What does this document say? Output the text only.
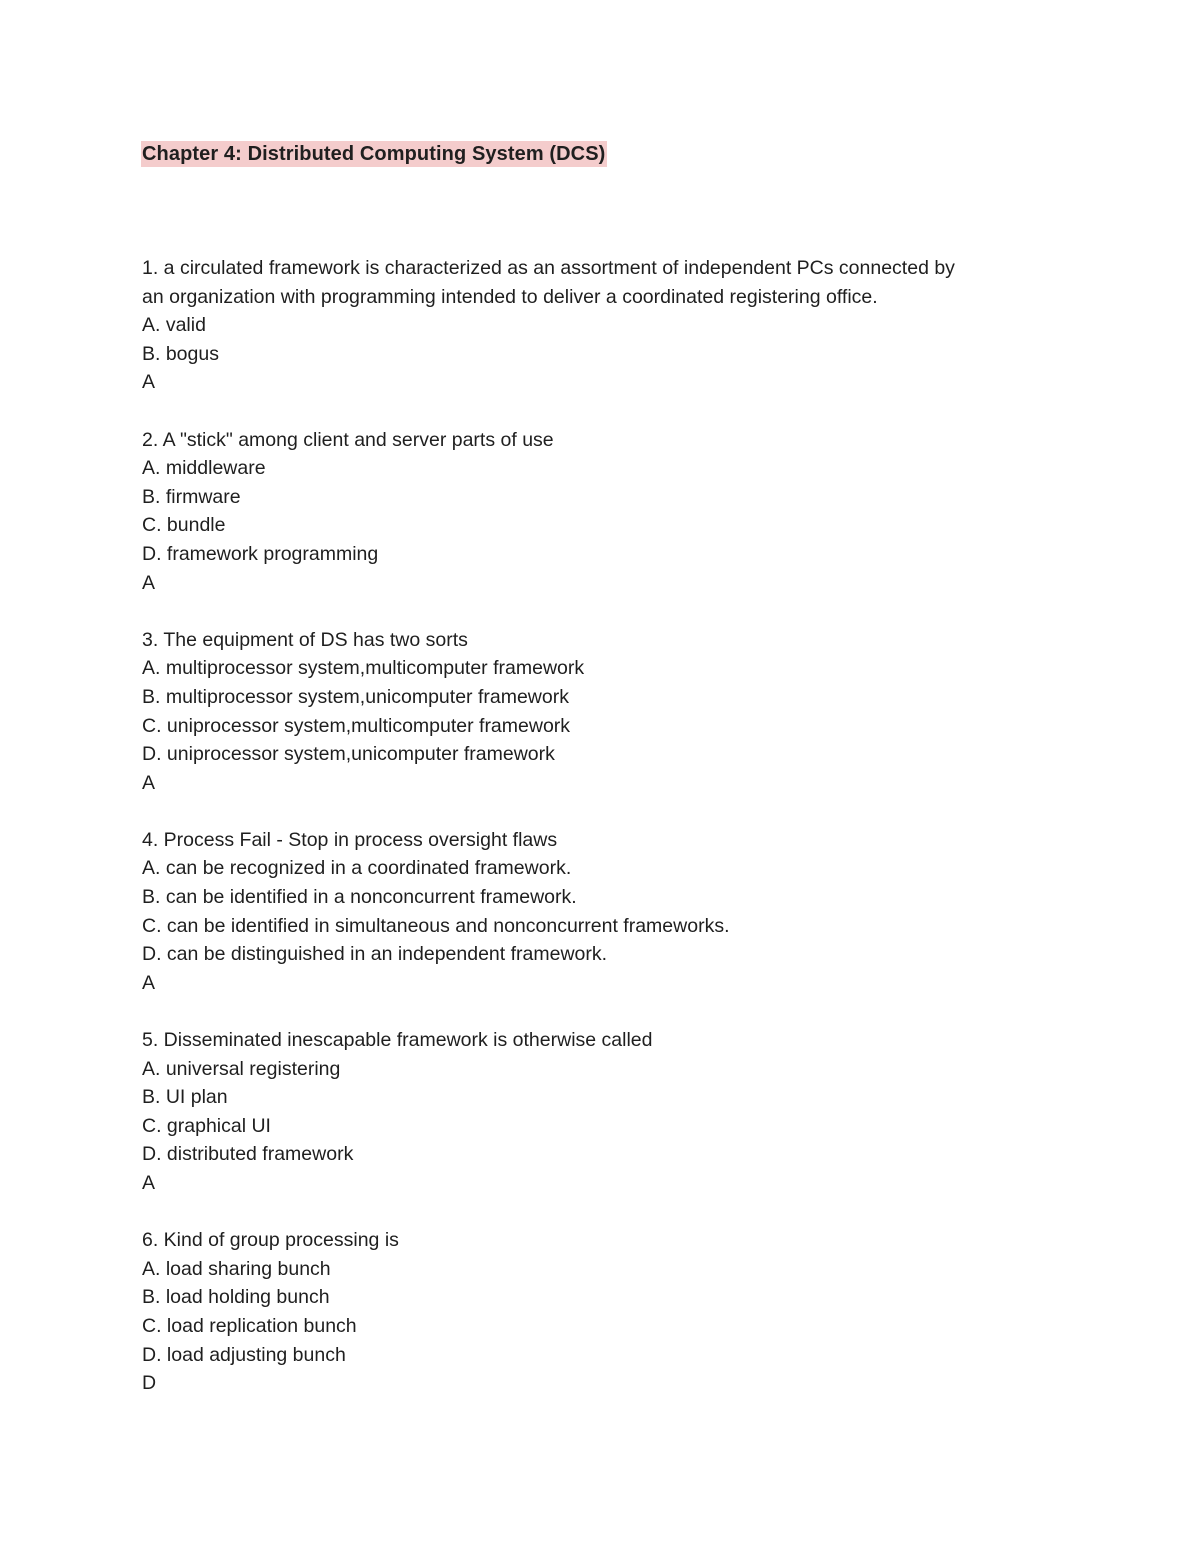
Chapter 4: Distributed Computing System (DCS)
1. a circulated framework is characterized as an assortment of independent PCs connected by
an organization with programming intended to deliver a coordinated registering office.
A. valid
B. bogus
A
2. A "stick" among client and server parts of use
A. middleware
B. firmware
C. bundle
D. framework programming
A
3. The equipment of DS has two sorts
A. multiprocessor system,multicomputer framework
B. multiprocessor system,unicomputer framework
C. uniprocessor system,multicomputer framework
D. uniprocessor system,unicomputer framework
A
4. Process Fail - Stop in process oversight flaws
A. can be recognized in a coordinated framework.
B. can be identified in a nonconcurrent framework.
C. can be identified in simultaneous and nonconcurrent frameworks.
D. can be distinguished in an independent framework.
A
5. Disseminated inescapable framework is otherwise called
A. universal registering
B. UI plan
C. graphical UI
D. distributed framework
A
6. Kind of group processing is
A. load sharing bunch
B. load holding bunch
C. load replication bunch
D. load adjusting bunch
D
